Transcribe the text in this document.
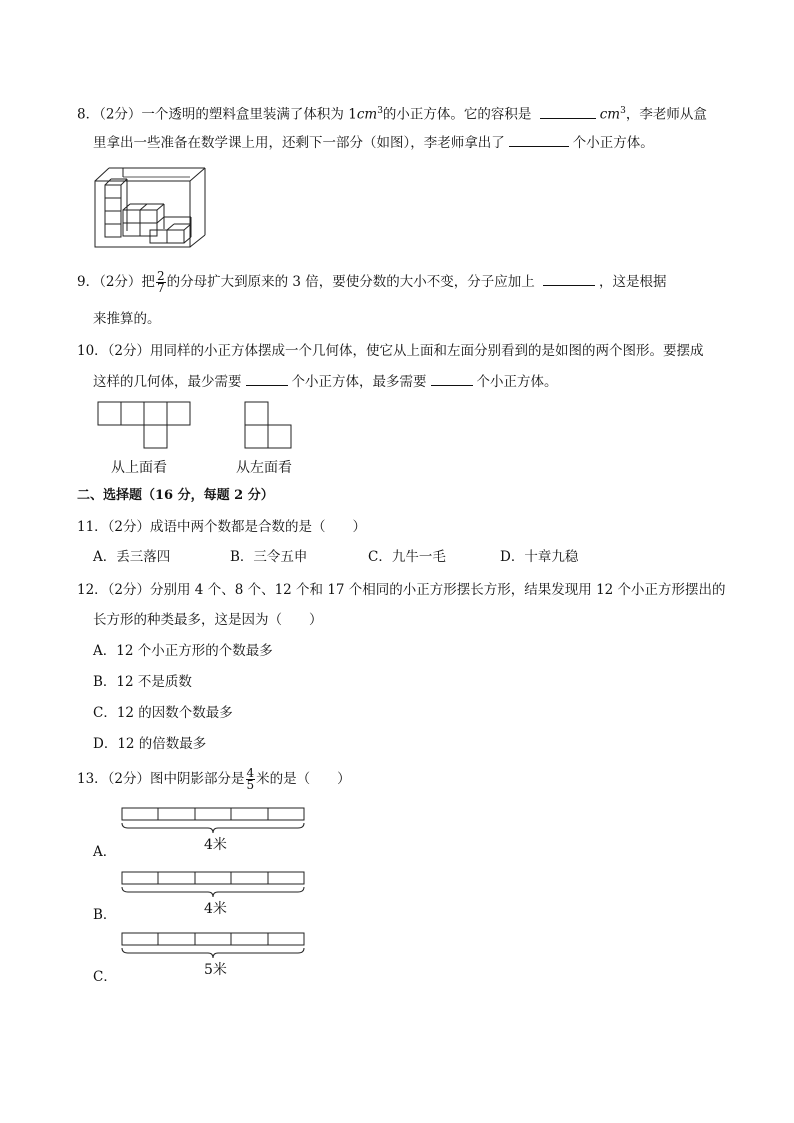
8．（2分）一个透明的塑料盒里装满了体积为 $1cm^3$的小正方体。它的容积是	$cm^3$，李老师从盒
里拿出一些准备在数学课上用，还剩下一部分（如图），李老师拿出了	个小正方体。
9．（2分）把 $\frac{2}{7}$ 的分母扩大到原来的 3 倍，要使分数的大小不变，分子应加上	，这是根据
来推算的。
10．（2分）用同样的小正方体摆成一个几何体，使它从上面和左面分别看到的是如图的两个图形。要摆成
这样的几何体，最少需要	个小正方体，最多需要	个小正方体。
从上面看	从左面看
二、选择题（16 分，每题 2 分）
11．（2分）成语中两个数都是合数的是（　　）
A．丢三落四	B．三令五申	C．九牛一毛	D．十章九稳
12．（2分）分别用 4 个、8 个、12 个和 17 个相同的小正方形摆长方形，结果发现用 12 个小正方形摆出的
长方形的种类最多，这是因为（　　）
A．12 个小正方形的个数最多
B．12 不是质数
C．12 的因数个数最多
D．12 的倍数最多
13．（2分）图中阴影部分是 $\frac{4}{5}$ 米的是（　　）
4米
A．
4米
B．
5米
C．
